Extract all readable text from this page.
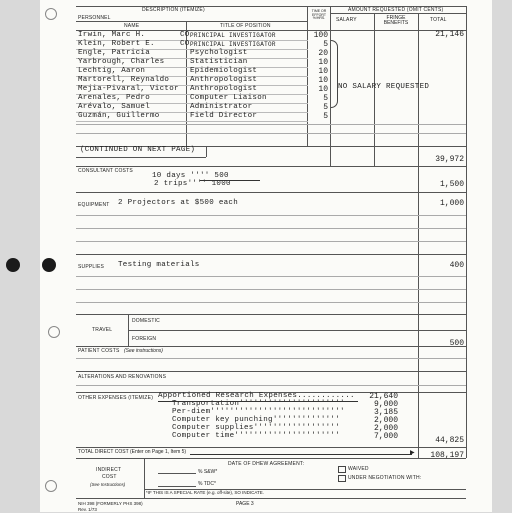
DESCRIPTION (ITEMIZE)	AMOUNT REQUESTED (OMIT CENTS)
PERSONNEL
NAME	TITLE OF POSITION
TIME OR EFFORT %/HRS.	SALARY	FRINGE BENEFITS	TOTAL
Irwin, Marc H.	CO PRINCIPAL INVESTIGATOR	100
Klein, Robert E.	CO PRINCIPAL INVESTIGATOR	5
Engle, Patricia	Psychologist	20
Yarbrough, Charles	Statistician	10
Lechtig, Aaron	Epidemiologist	10
Martorell, Reynaldo	Anthropologist	10
Mejia-Pivaral, Victor Anthropologist	10
Arenales, Pedro	Computer Liaison	5
Arévalo, Samuel	Administrator	5
Guzmán, Guillermo	Field Director	5
NO SALARY REQUESTED
21,146
(CONTINUED ON NEXT PAGE)
39,972
CONSULTANT COSTS
10 days '''' 500
2 trips'''' 1000	1,500
EQUIPMENT 2 Projectors at $500 each	1,000
SUPPLIES Testing materials	400
TRAVEL
DOMESTIC
FOREIGN	500
PATIENT COSTS (See instructions)
ALTERATIONS AND RENOVATIONS
OTHER EXPENSES (ITEMIZE) Apportioned Research Expenses............	21,640
Transportation''''''''''''''''''''''	9,000
Per-diem''''''''''''''''''''''''''''	3,185
Computer key punching''''''''''''''	2,000
Computer supplies''''''''''''''''''	2,000
Computer time''''''''''''''''''''''	7,000	44,825
TOTAL DIRECT COST (Enter on Page 1, Item 5)	▶	108,197
INDIRECT
COST
(See Instructions)
% S&W*
% TDC*
DATE OF DHEW AGREEMENT:
WAIVED
UNDER NEGOTIATION WITH:
*IF THIS IS A SPECIAL RATE (e.g. off-site), SO INDICATE.
NIH 398 (FORMERLY PHS 398)
Rev. 1/73
PAGE 3
